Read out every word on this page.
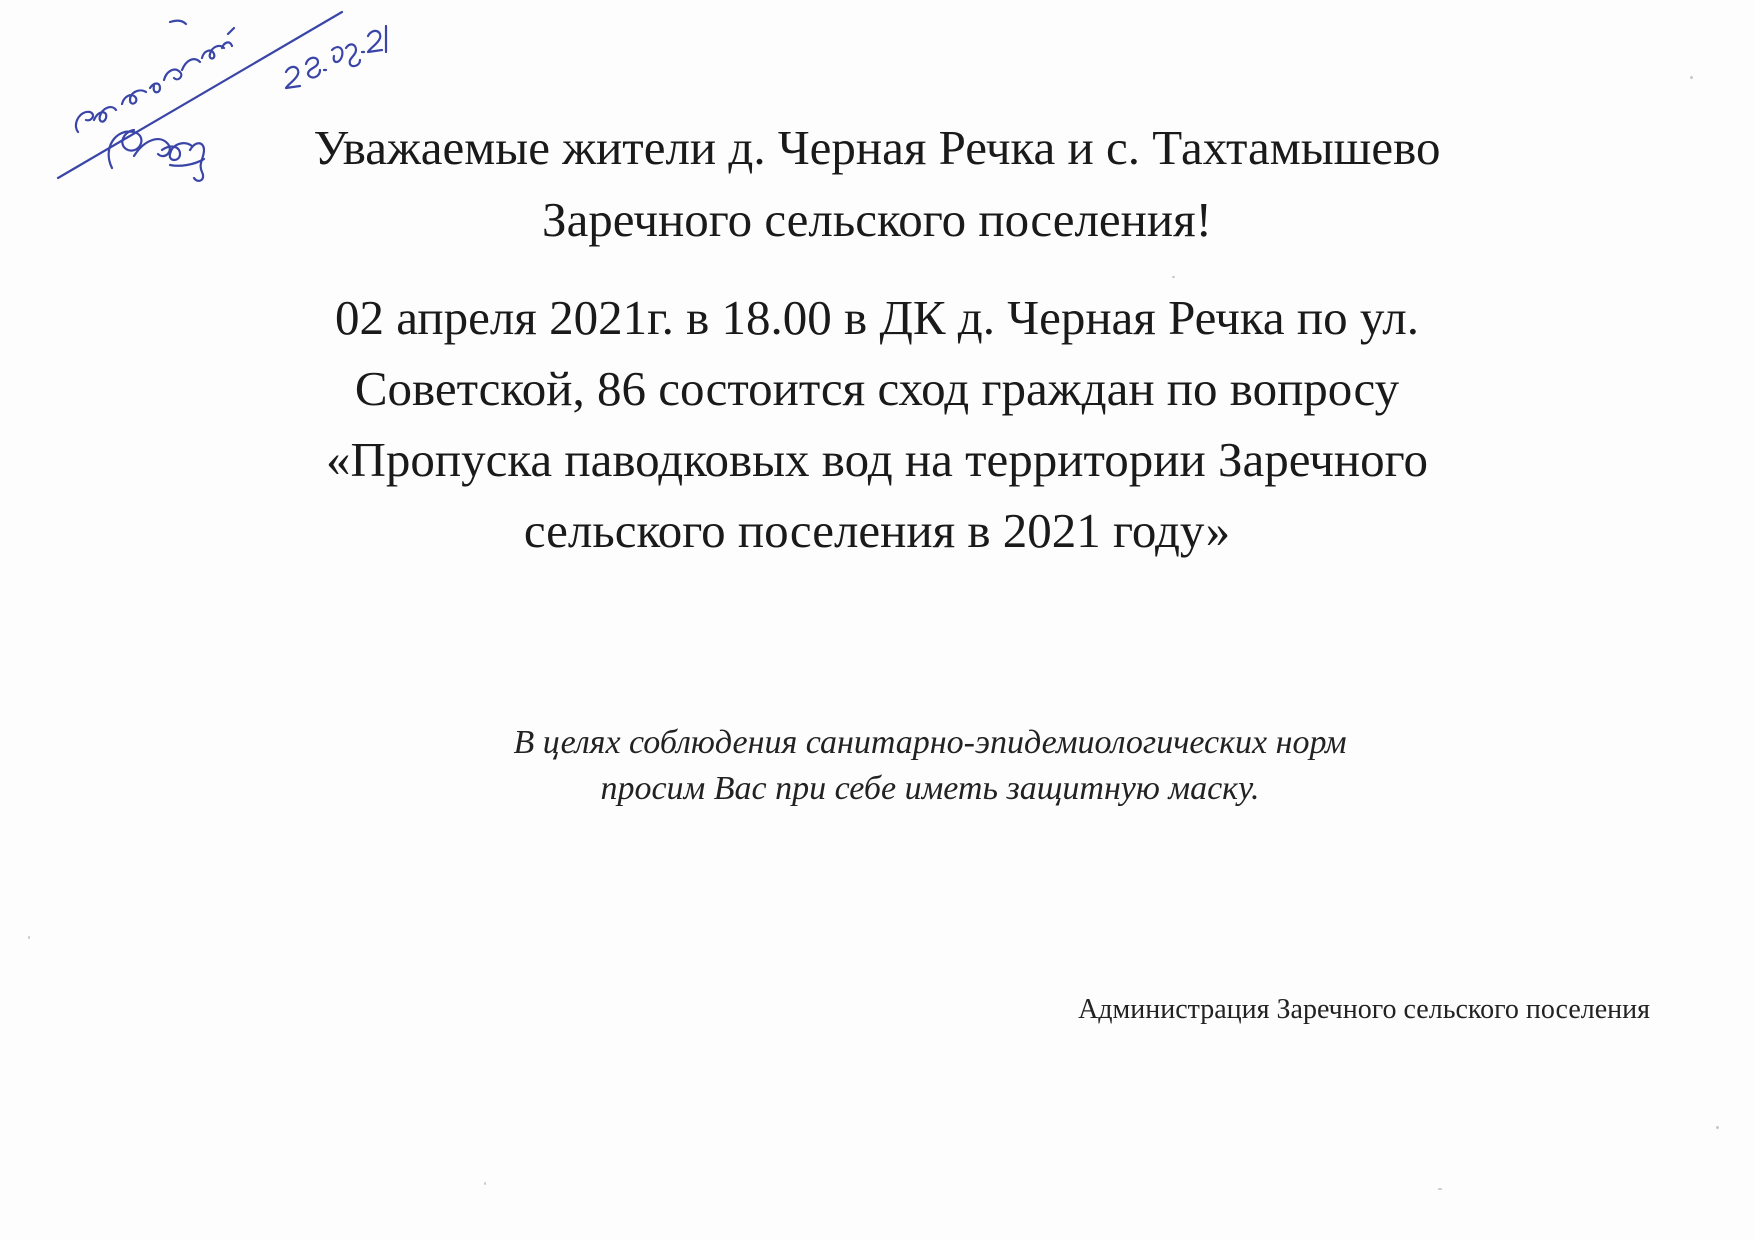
Уважаемые жители д. Черная Речка и с. Тахтамышево
Заречного сельского поселения!
02 апреля 2021г. в 18.00 в ДК д. Черная Речка по ул.
Советской, 86 состоится сход граждан по вопросу
«Пропуска паводковых вод на территории Заречного
сельского поселения в 2021 году»
В целях соблюдения санитарно-эпидемиологических норм
просим Вас при себе иметь защитную маску.
Администрация Заречного сельского поселения
